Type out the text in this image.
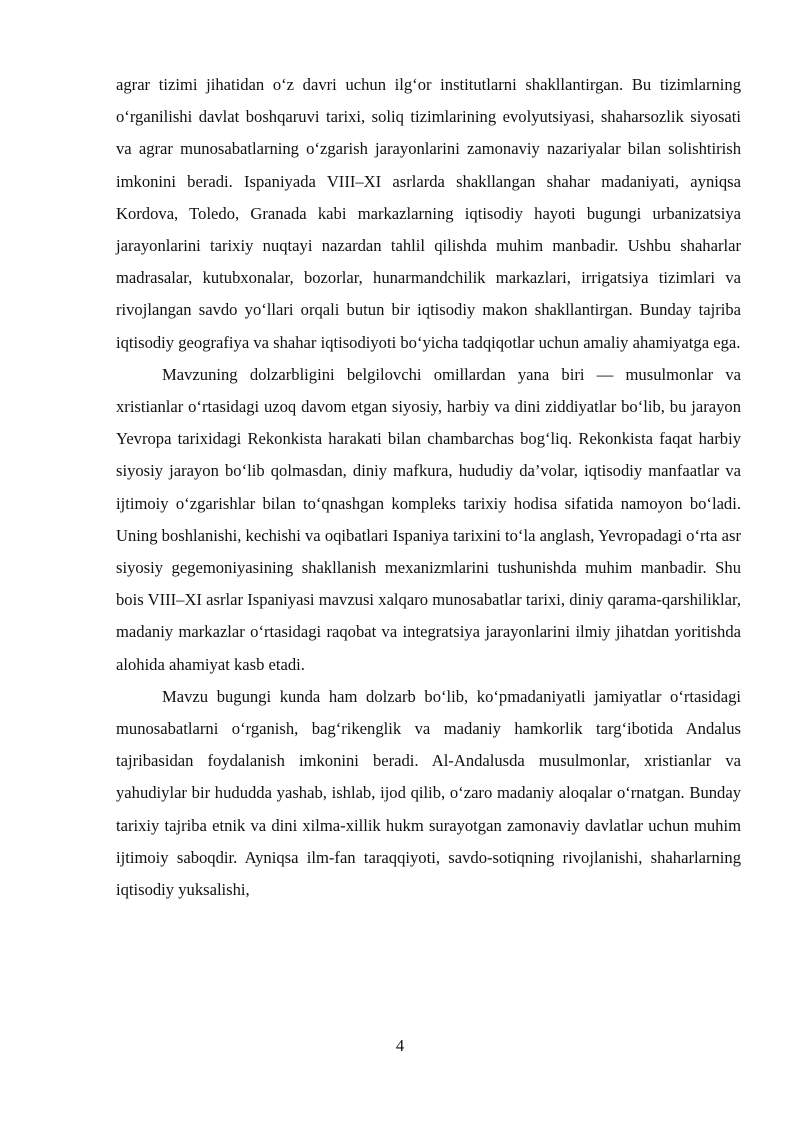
agrar tizimi jihatidan o‘z davri uchun ilg‘or institutlarni shakllantirgan. Bu tizimlarning o‘rganilishi davlat boshqaruvi tarixi, soliq tizimlarining evolyutsiyasi, shaharsozlik siyosati va agrar munosabatlarning o‘zgarish jarayonlarini zamonaviy nazariyalar bilan solishtirish imkonini beradi. Ispaniyada VIII–XI asrlarda shakllangan shahar madaniyati, ayniqsa Kordova, Toledo, Granada kabi markazlarning iqtisodiy hayoti bugungi urbanizatsiya jarayonlarini tarixiy nuqtayi nazardan tahlil qilishda muhim manbadir. Ushbu shaharlar madrasalar, kutubxonalar, bozorlar, hunarmandchilik markazlari, irrigatsiya tizimlari va rivojlangan savdo yo‘llari orqali butun bir iqtisodiy makon shakllantirgan. Bunday tajriba iqtisodiy geografiya va shahar iqtisodiyoti bo‘yicha tadqiqotlar uchun amaliy ahamiyatga ega.

Mavzuning dolzarbligini belgilovchi omillardan yana biri — musulmonlar va xristianlar o‘rtasidagi uzoq davom etgan siyosiy, harbiy va dini ziddiyatlar bo‘lib, bu jarayon Yevropa tarixidagi Rekonkista harakati bilan chambarchas bog‘liq. Rekonkista faqat harbiy siyosiy jarayon bo‘lib qolmasdan, diniy mafkura, hududiy da’volar, iqtisodiy manfaatlar va ijtimoiy o‘zgarishlar bilan to‘qnashgan kompleks tarixiy hodisa sifatida namoyon bo‘ladi. Uning boshlanishi, kechishi va oqibatlari Ispaniya tarixini to‘la anglash, Yevropadagi o‘rta asr siyosiy gegemoniyasining shakllanish mexanizmlarini tushunishda muhim manbadir. Shu bois VIII–XI asrlar Ispaniyasi mavzusi xalqaro munosabatlar tarixi, diniy qarama-qarshiliklar, madaniy markazlar o‘rtasidagi raqobat va integratsiya jarayonlarini ilmiy jihatdan yoritishda alohida ahamiyat kasb etadi.

Mavzu bugungi kunda ham dolzarb bo‘lib, ko‘pmadaniyatli jamiyatlar o‘rtasidagi munosabatlarni o‘rganish, bag‘rikenglik va madaniy hamkorlik targ‘ibotida Andalus tajribasidan foydalanish imkonini beradi. Al-Andalusda musulmonlar, xristianlar va yahudiylar bir hududda yashab, ishlab, ijod qilib, o‘zaro madaniy aloqalar o‘rnatgan. Bunday tarixiy tajriba etnik va dini xilma-xillik hukm surayotgan zamonaviy davlatlar uchun muhim ijtimoiy saboqdir. Ayniqsa ilm-fan taraqqiyoti, savdo-sotiqning rivojlanishi, shaharlarning iqtisodiy yuksalishi,

4
